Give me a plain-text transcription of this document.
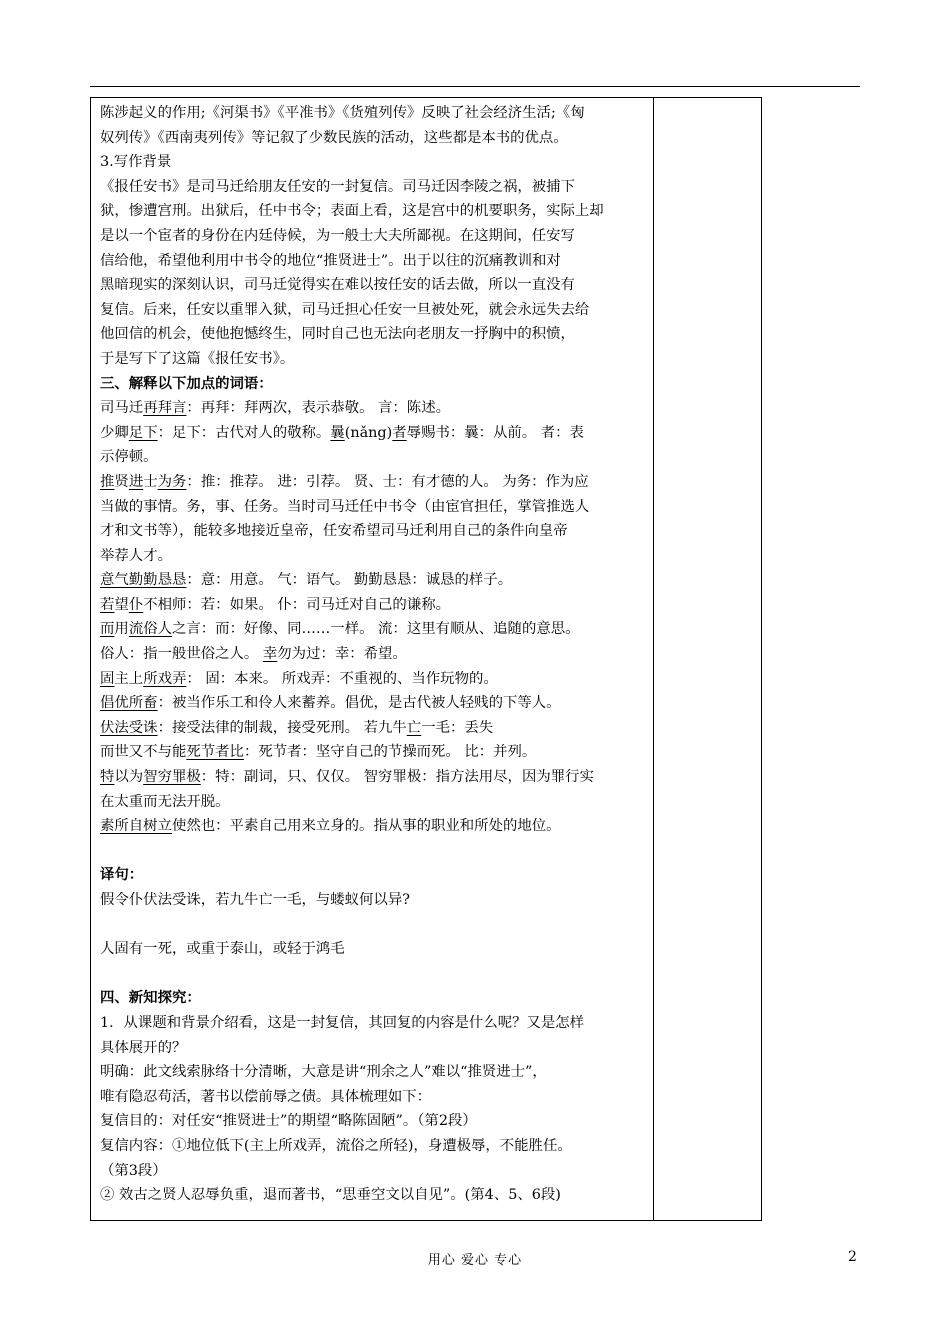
陈涉起义的作用;《河渠书》《平准书》《货殖列传》反映了社会经济生活;《匈
奴列传》《西南夷列传》等记叙了少数民族的活动，这些都是本书的优点。
3.写作背景
《报任安书》是司马迁给朋友任安的一封复信。司马迁因李陵之祸，被捕下
狱，惨遭宫刑。出狱后，任中书令；表面上看，这是宫中的机要职务，实际上却
是以一个宦者的身份在内廷侍候，为一般士大夫所鄙视。在这期间，任安写
信给他，希望他利用中书令的地位“推贤进士”。出于以往的沉痛教训和对
黑暗现实的深刻认识，司马迁觉得实在难以按任安的话去做，所以一直没有
复信。后来，任安以重罪入狱，司马迁担心任安一旦被处死，就会永远失去给
他回信的机会，使他抱憾终生，同时自己也无法向老朋友一抒胸中的积愤，
于是写下了这篇《报任安书》。
三、解释以下加点的词语：
司马迁再拜言：再拜：拜两次，表示恭敬。 言：陈述。
少卿足下：足下：古代对人的敬称。曩(nǎng)者辱赐书：曩：从前。 者：表
示停顿。
推贤进士为务：推：推荐。 进：引荐。 贤、士：有才德的人。 为务：作为应
当做的事情。务，事、任务。当时司马迁任中书令（由宦官担任，掌管推选人
才和文书等），能较多地接近皇帝，任安希望司马迁利用自己的条件向皇帝
举荐人才。
意气勤勤恳恳：意：用意。 气：语气。 勤勤恳恳：诚恳的样子。
若望仆不相师：若：如果。 仆：司马迁对自己的谦称。
而用流俗人之言：而：好像、同……一样。 流：这里有顺从、追随的意思。
俗人：指一般世俗之人。 幸勿为过：幸：希望。
固主上所戏弄： 固：本来。 所戏弄：不重视的、当作玩物的。
倡优所畜：被当作乐工和伶人来蓄养。倡优，是古代被人轻贱的下等人。
伏法受诛：接受法律的制裁，接受死刑。 若九牛亡一毛：丢失
而世又不与能死节者比：死节者：坚守自己的节操而死。 比：并列。
特以为智穷罪极：特：副词，只、仅仅。 智穷罪极：指方法用尽，因为罪行实
在太重而无法开脱。
素所自树立使然也：平素自己用来立身的。指从事的职业和所处的地位。
译句：
假令仆伏法受诛，若九牛亡一毛，与蝼蚁何以异?
人固有一死，或重于泰山，或轻于鸿毛
四、新知探究：
1．从课题和背景介绍看，这是一封复信，其回复的内容是什么呢？又是怎样
具体展开的？
明确：此文线索脉络十分清晰，大意是讲“刑余之人”难以“推贤进士”，
唯有隐忍苟活，著书以偿前辱之债。具体梳理如下：
复信目的：对任安“推贤进士”的期望“略陈固陋”。（第2段）
复信内容：①地位低下(主上所戏弄，流俗之所轻)，身遭极辱，不能胜任。
（第3段）
② 效古之贤人忍辱负重，退而著书，“思垂空文以自见”。(第4、5、6段)
用心 爱心 专心	2
